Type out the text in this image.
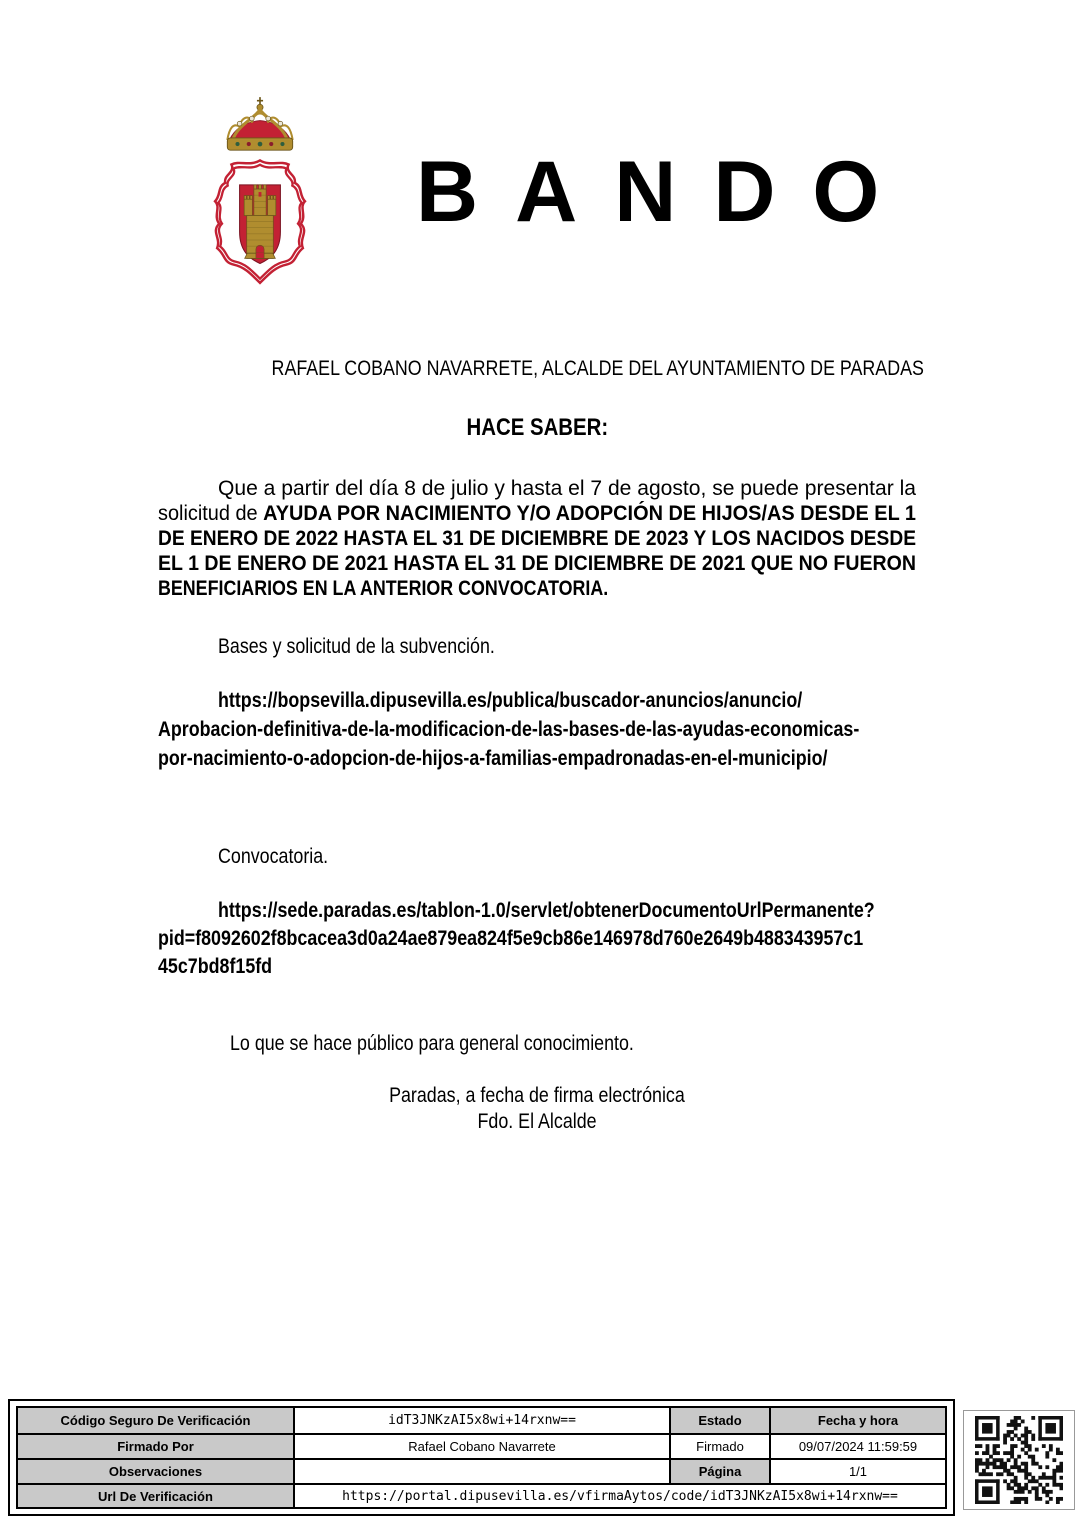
BANDO
RAFAEL COBANO NAVARRETE, ALCALDE DEL AYUNTAMIENTO DE PARADAS
HACE SABER:
Que a partir del día 8 de julio y hasta el 7 de agosto, se puede presentar la
solicitud de AYUDA POR NACIMIENTO Y/O ADOPCIÓN DE HIJOS/AS DESDE EL 1
DE ENERO DE 2022 HASTA EL 31 DE DICIEMBRE DE 2023 Y LOS NACIDOS DESDE
EL 1 DE ENERO DE 2021 HASTA EL 31 DE DICIEMBRE DE 2021 QUE NO FUERON
BENEFICIARIOS EN LA ANTERIOR CONVOCATORIA.
Bases y solicitud de la subvención.
https://bopsevilla.dipusevilla.es/publica/buscador-anuncios/anuncio/
Aprobacion-definitiva-de-la-modificacion-de-las-bases-de-las-ayudas-economicas-
por-nacimiento-o-adopcion-de-hijos-a-familias-empadronadas-en-el-municipio/
Convocatoria.
https://sede.paradas.es/tablon-1.0/servlet/obtenerDocumentoUrlPermanente?
pid=f8092602f8bcacea3d0a24ae879ea824f5e9cb86e146978d760e2649b488343957c1
45c7bd8f15fd
Lo que se hace público para general conocimiento.
Paradas, a fecha de firma electrónica
Fdo. El Alcalde
Código Seguro De Verificación	idT3JNKzAI5x8wi+14rxnw==	Estado	Fecha y hora
Firmado Por	Rafael Cobano Navarrete	Firmado	09/07/2024 11:59:59
Observaciones		Página	1/1
Url De Verificación	https://portal.dipusevilla.es/vfirmaAytos/code/idT3JNKzAI5x8wi+14rxnw==		
